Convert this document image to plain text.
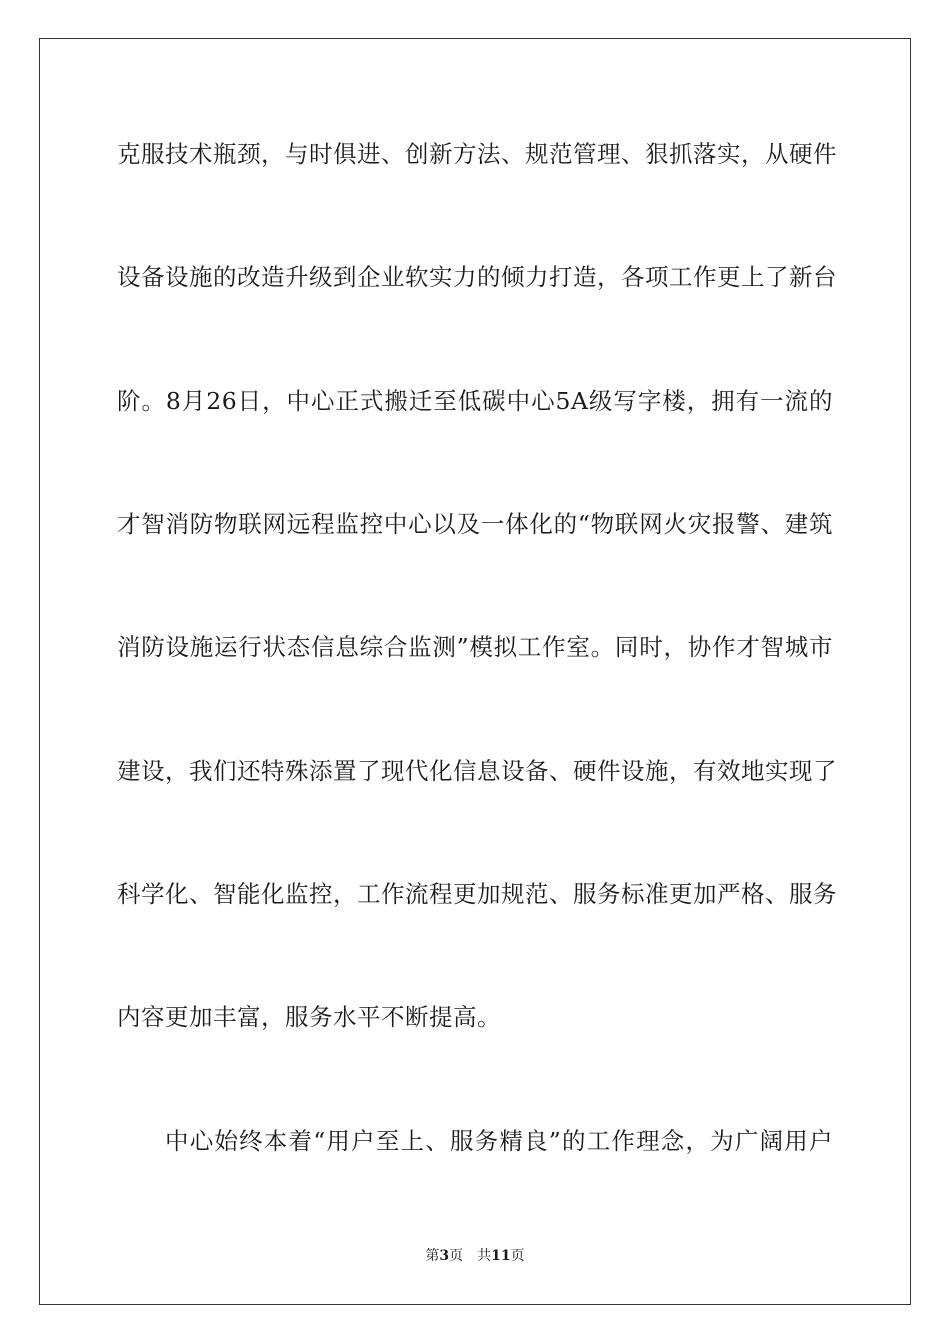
克服技术瓶颈，与时俱进、创新方法、规范管理、狠抓落实，从硬件
设备设施的改造升级到企业软实力的倾力打造，各项工作更上了新台
阶。8月26日，中心正式搬迁至低碳中心5A级写字楼，拥有一流的
才智消防物联网远程监控中心以及一体化的“物联网火灾报警、建筑
消防设施运行状态信息综合监测”模拟工作室。同时，协作才智城市
建设，我们还特殊添置了现代化信息设备、硬件设施，有效地实现了
科学化、智能化监控，工作流程更加规范、服务标准更加严格、服务
内容更加丰富，服务水平不断提高。
中心始终本着“用户至上、服务精良”的工作理念，为广阔用户
第3页 共11页
